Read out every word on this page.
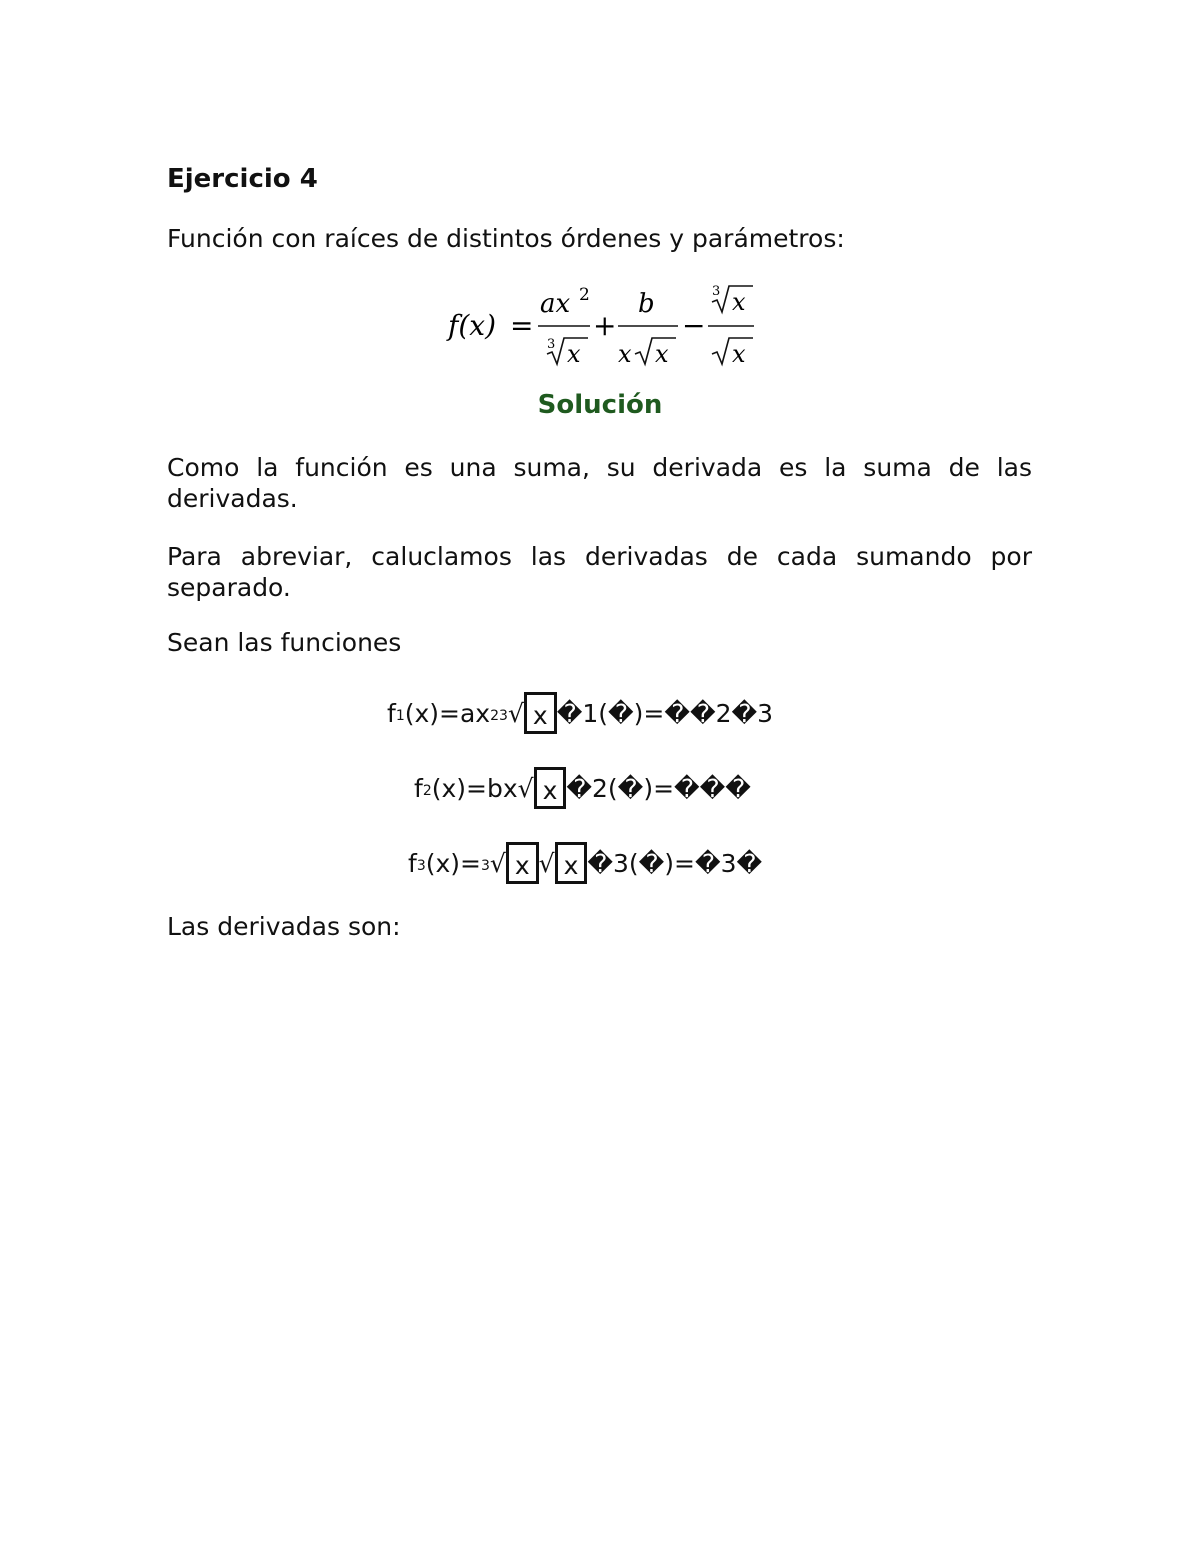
Ejercicio 4
Función con raíces de distintos órdenes y parámetros:
f(x) =
ax 2
3 x
+
b
x x
−
3 x
x
Solución
Como la función es una suma, su derivada es la suma de las derivadas.
Para abreviar, caluclamos las derivadas de cada sumando por separado.
Sean las funciones
f 1 (x)=ax 2 3 √ x �1(�)=��2�3
f 2 (x)=bx √ x �2(�)=���
f 3 (x)= 3 √ x √ x �3(�)=�3�
Las derivadas son:
